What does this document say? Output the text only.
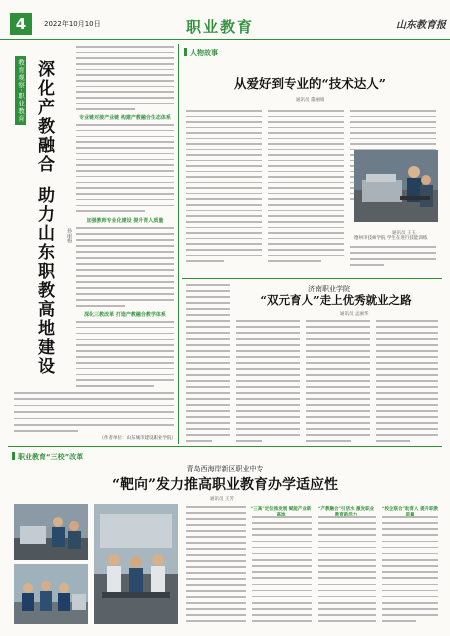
4	2022年10月10日	职业教育	山东教育报
教育观察·职业教育 深化产教融合助力山东职教高地建设	孙丽梅
专业链对接产业链 构建产教融合生态体系
加强教师专业化建设 提升育人质量
深化三教改革 打造产教融合教学体系
（作者单位：山东城市建设职业学院）
人物故事
从爱好到专业的“技术达人”
通讯员 董丽娟
通讯员 王玉
德州市技师学院 学生在进行技能训练
济南职业学院
“双元育人”走上优秀就业之路
通讯员 孟丽华
职业教育“三校”改革
青岛西海岸新区职业中专
“靶向”发力推高职业教育办学适应性
通讯员 王芳
“三高”定位推发展 赋能产业新	“产教融合”引活水 激发职业	“校企联合”助育人 提升职教
